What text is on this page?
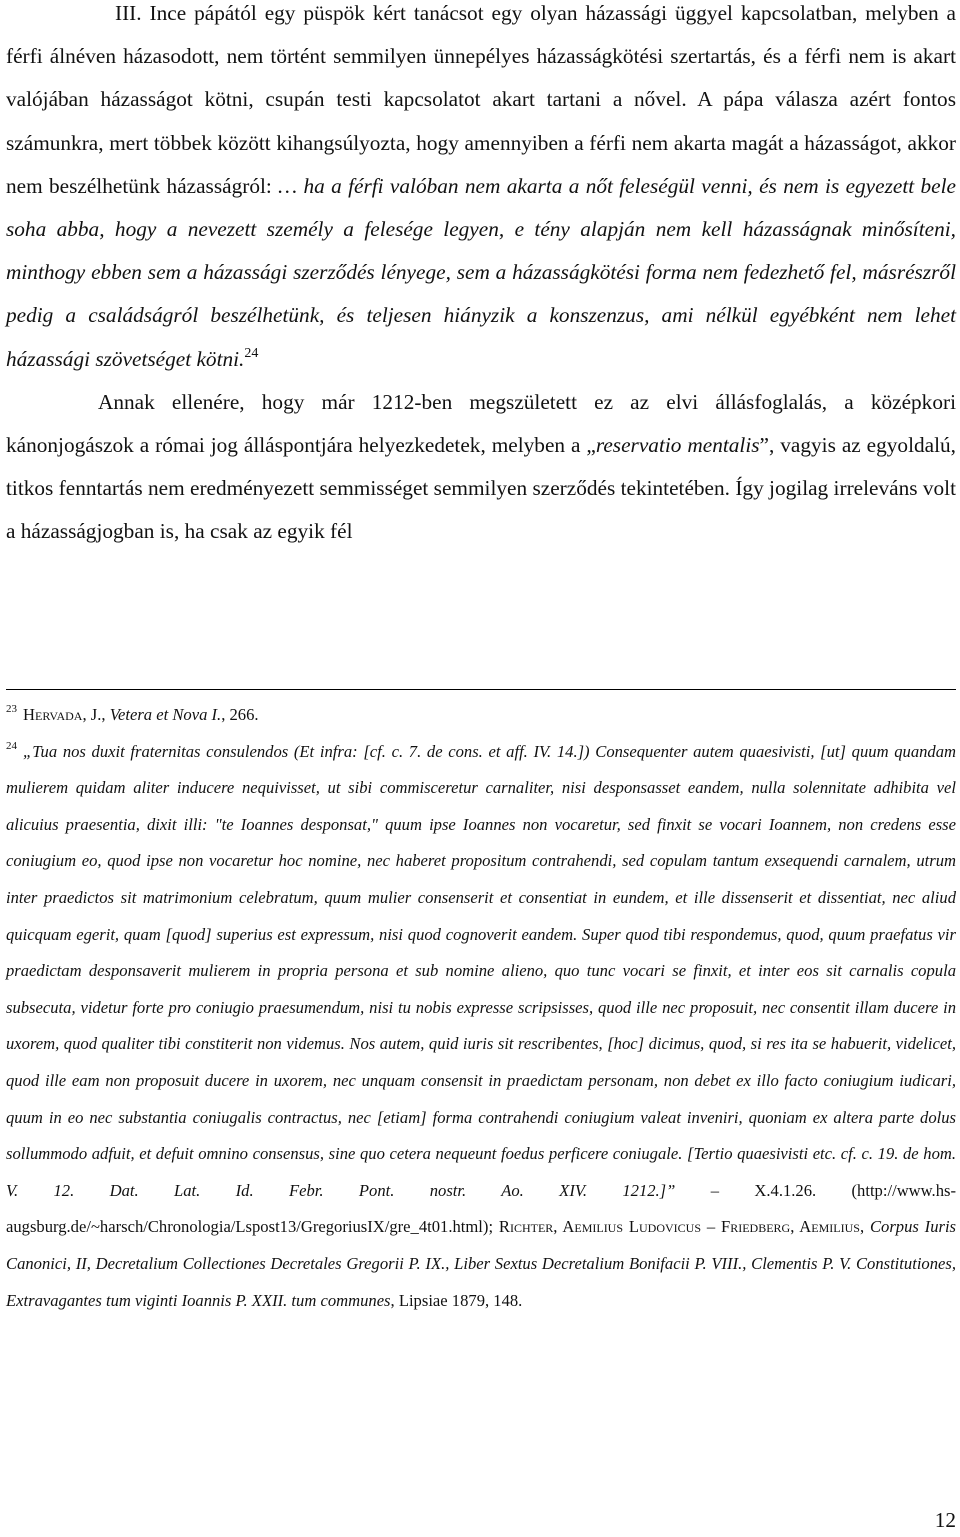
III. Ince pápától egy püspök kért tanácsot egy olyan házassági üggyel kapcsolatban, melyben a férfi álnéven házasodott, nem történt semmilyen ünnepélyes házasságkötési szertartás, és a férfi nem is akart valójában házasságot kötni, csupán testi kapcsolatot akart tartani a nővel. A pápa válasza azért fontos számunkra, mert többek között kihangsúlyozta, hogy amennyiben a férfi nem akarta magát a házasságot, akkor nem beszélhetünk házasságról: … ha a férfi valóban nem akarta a nőt feleségül venni, és nem is egyezett bele soha abba, hogy a nevezett személy a felesége legyen, e tény alapján nem kell házasságnak minősíteni, minthogy ebben sem a házassági szerződés lényege, sem a házasságkötési forma nem fedezhető fel, másrészről pedig a családságról beszélhetünk, és teljesen hiányzik a konszenzus, ami nélkül egyébként nem lehet házassági szövetséget kötni.$^{24}$

Annak ellenére, hogy már 1212-ben megszületett ez az elvi állásfoglalás, a középkori kánonjogászok a római jog álláspontjára helyezkedetek, melyben a „reservatio mentalis”, vagyis az egyoldalú, titkos fenntartás nem eredményezett semmisséget semmilyen szerződés tekintetében. Így jogilag irreleváns volt a házasságjogban is, ha csak az egyik fél

$^{23}$ Hervada, J., Vetera et Nova I., 266.

$^{24}$ „Tua nos duxit fraternitas consulendos (Et infra: [cf. c. 7. de cons. et aff. IV. 14.]) Consequenter autem quaesivisti, [ut] quum quandam mulierem quidam aliter inducere nequivisset, ut sibi commisceretur carnaliter, nisi desponsasset eandem, nulla solennitate adhibita vel alicuius praesentia, dixit illi: "te Ioannes desponsat," quum ipse Ioannes non vocaretur, sed finxit se vocari Ioannem, non credens esse coniugium eo, quod ipse non vocaretur hoc nomine, nec haberet propositum contrahendi, sed copulam tantum exsequendi carnalem, utrum inter praedictos sit matrimonium celebratum, quum mulier consenserit et consentiat in eundem, et ille dissenserit et dissentiat, nec aliud quicquam egerit, quam [quod] superius est expressum, nisi quod cognoverit eandem. Super quod tibi respondemus, quod, quum praefatus vir praedictam desponsaverit mulierem in propria persona et sub nomine alieno, quo tunc vocari se finxit, et inter eos sit carnalis copula subsecuta, videtur forte pro coniugio praesumendum, nisi tu nobis expresse scripsisses, quod ille nec proposuit, nec consentit illam ducere in uxorem, quod qualiter tibi constiterit non videmus. Nos autem, quid iuris sit rescribentes, [hoc] dicimus, quod, si res ita se habuerit, videlicet, quod ille eam non proposuit ducere in uxorem, nec unquam consensit in praedictam personam, non debet ex illo facto coniugium iudicari, quum in eo nec substantia coniugalis contractus, nec [etiam] forma contrahendi coniugium valeat inveniri, quoniam ex altera parte dolus sollummodo adfuit, et defuit omnino consensus, sine quo cetera nequeunt foedus perficere coniugale. [Tertio quaesivisti etc. cf. c. 19. de hom. V. 12. Dat. Lat. Id. Febr. Pont. nostr. Ao. XIV. 1212.]” – X.4.1.26. (http://www.hs-augsburg.de/~harsch/Chronologia/Lspost13/GregoriusIX/gre_4t01.html); Richter, Aemilius Ludovicus – Friedberg, Aemilius, Corpus Iuris Canonici, II, Decretalium Collectiones Decretales Gregorii P. IX., Liber Sextus Decretalium Bonifacii P. VIII., Clementis P. V. Constitutiones, Extravagantes tum viginti Ioannis P. XXII. tum communes, Lipsiae 1879, 148.

12
